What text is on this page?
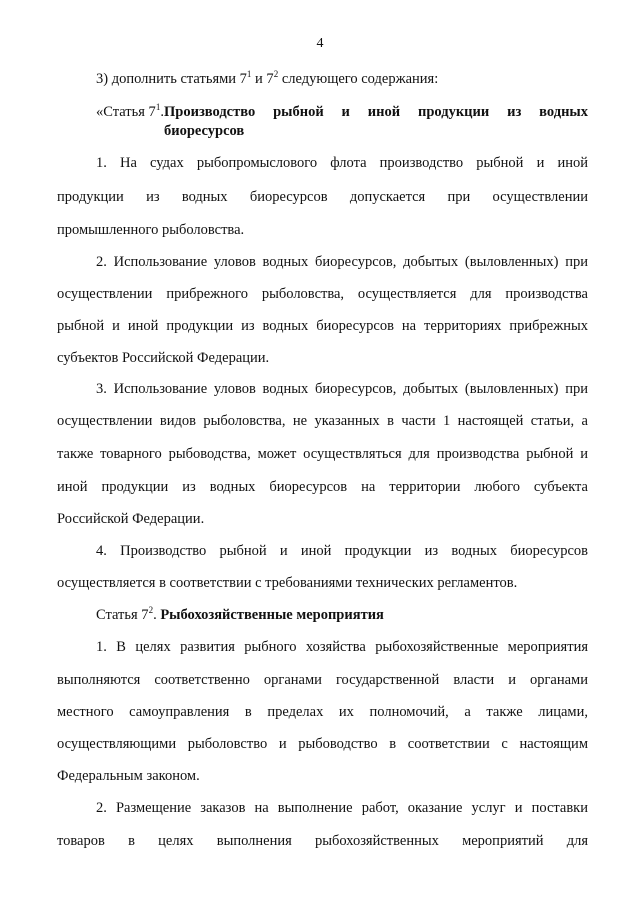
4
3) дополнить статьями $7^1$ и $7^2$ следующего содержания:
«Статья $7^1$. Производство рыбной и иной продукции из водных
биоресурсов
1. На судах рыбопромыслового флота производство рыбной и иной
продукции из водных биоресурсов допускается при осуществлении
промышленного рыболовства.
2. Использование уловов водных биоресурсов, добытых (выловленных) при
осуществлении прибрежного рыболовства, осуществляется для производства
рыбной и иной продукции из водных биоресурсов на территориях прибрежных
субъектов Российской Федерации.
3. Использование уловов водных биоресурсов, добытых (выловленных) при
осуществлении видов рыболовства, не указанных в части 1 настоящей статьи, а
также товарного рыбоводства, может осуществляться для производства рыбной и
иной продукции из водных биоресурсов на территории любого субъекта
Российской Федерации.
4. Производство рыбной и иной продукции из водных биоресурсов
осуществляется в соответствии с требованиями технических регламентов.
Статья $7^2$. Рыбохозяйственные мероприятия
1. В целях развития рыбного хозяйства рыбохозяйственные мероприятия
выполняются соответственно органами государственной власти и органами
местного самоуправления в пределах их полномочий, а также лицами,
осуществляющими рыболовство и рыбоводство в соответствии с настоящим
Федеральным законом.
2. Размещение заказов на выполнение работ, оказание услуг и поставки
товаров в целях выполнения рыбохозяйственных мероприятий для
